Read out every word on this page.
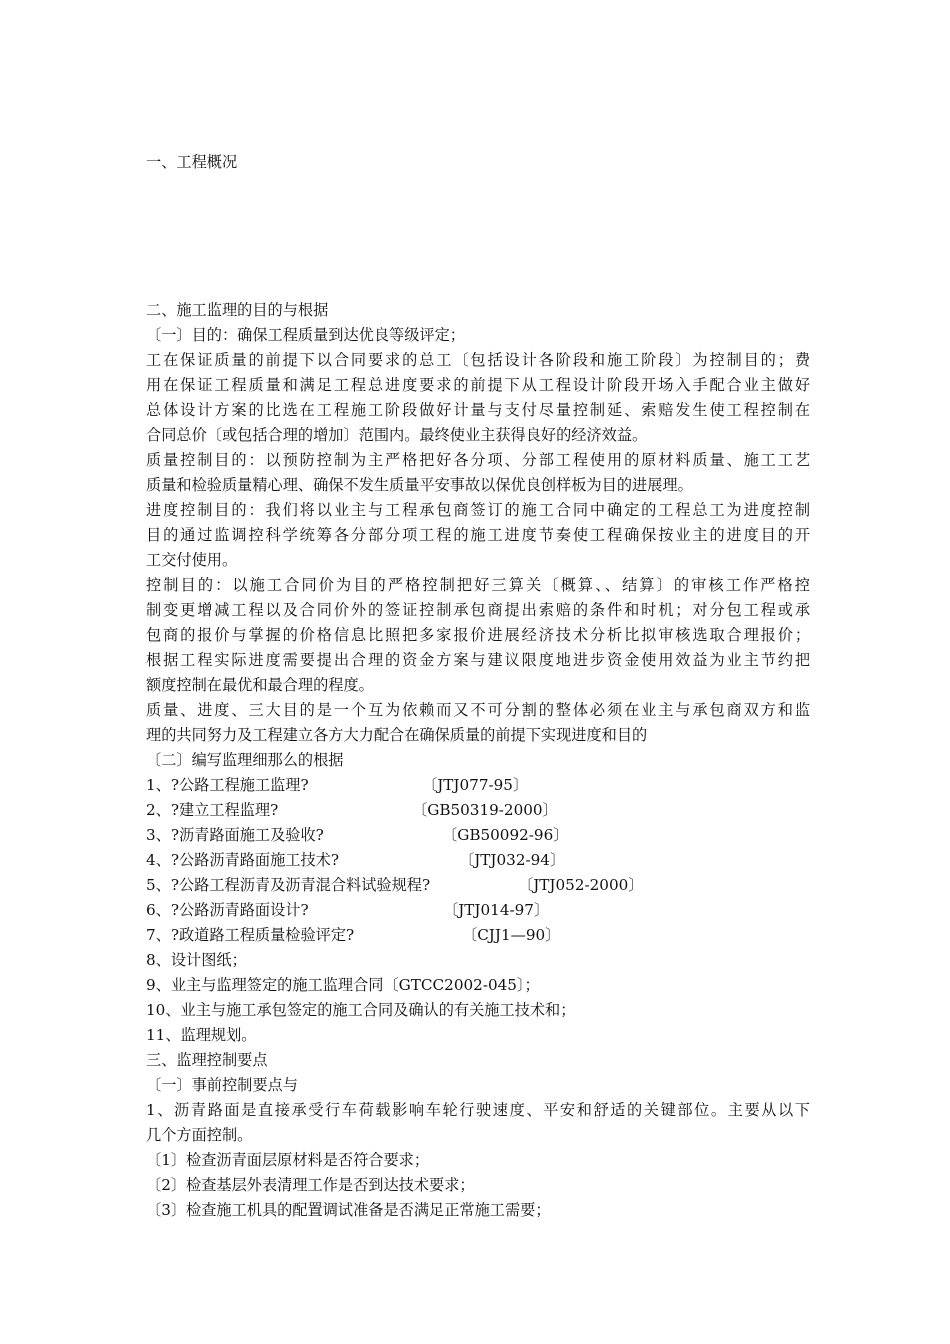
一、工程概况
二、施工监理的目的与根据
〔一〕目的：确保工程质量到达优良等级评定；
工在保证质量的前提下以合同要求的总工〔包括设计各阶段和施工阶段〕为控制目的；费
用在保证工程质量和满足工程总进度要求的前提下从工程设计阶段开场入手配合业主做好
总体设计方案的比选在工程施工阶段做好计量与支付尽量控制延、索赔发生使工程控制在
合同总价〔或包括合理的增加〕范围内。最终使业主获得良好的经济效益。
质量控制目的：以预防控制为主严格把好各分项、分部工程使用的原材料质量、施工工艺
质量和检验质量精心理、确保不发生质量平安事故以保优良创样板为目的进展理。
进度控制目的：我们将以业主与工程承包商签订的施工合同中确定的工程总工为进度控制
目的通过监调控科学统筹各分部分项工程的施工进度节奏使工程确保按业主的进度目的开
工交付使用。
控制目的：以施工合同价为目的严格控制把好三算关〔概算、、结算〕的审核工作严格控
制变更增减工程以及合同价外的签证控制承包商提出索赔的条件和时机；对分包工程或承
包商的报价与掌握的价格信息比照把多家报价进展经济技术分析比拟审核选取合理报价；
根据工程实际进度需要提出合理的资金方案与建议限度地进步资金使用效益为业主节约把
额度控制在最优和最合理的程度。
质量、进度、三大目的是一个互为依赖而又不可分割的整体必须在业主与承包商双方和监
理的共同努力及工程建立各方大力配合在确保质量的前提下实现进度和目的
〔二〕编写监理细那么的根据
1、?公路工程施工监理?	〔JTJ077-95〕
2、?建立工程监理?	〔GB50319-2000〕
3、?沥青路面施工及验收?	〔GB50092-96〕
4、?公路沥青路面施工技术?	〔JTJ032-94〕
5、?公路工程沥青及沥青混合料试验规程?	〔JTJ052-2000〕
6、?公路沥青路面设计?	〔JTJ014-97〕
7、?政道路工程质量检验评定?	〔CJJ1—90〕
8、设计图纸；
9、业主与监理签定的施工监理合同〔GTCC2002-045〕；
10、业主与施工承包签定的施工合同及确认的有关施工技术和；
11、监理规划。
三、监理控制要点
〔一〕事前控制要点与
1、沥青路面是直接承受行车荷载影响车轮行驶速度、平安和舒适的关键部位。主要从以下
几个方面控制。
〔1〕检查沥青面层原材料是否符合要求；
〔2〕检查基层外表清理工作是否到达技术要求；
〔3〕检查施工机具的配置调试准备是否满足正常施工需要；
